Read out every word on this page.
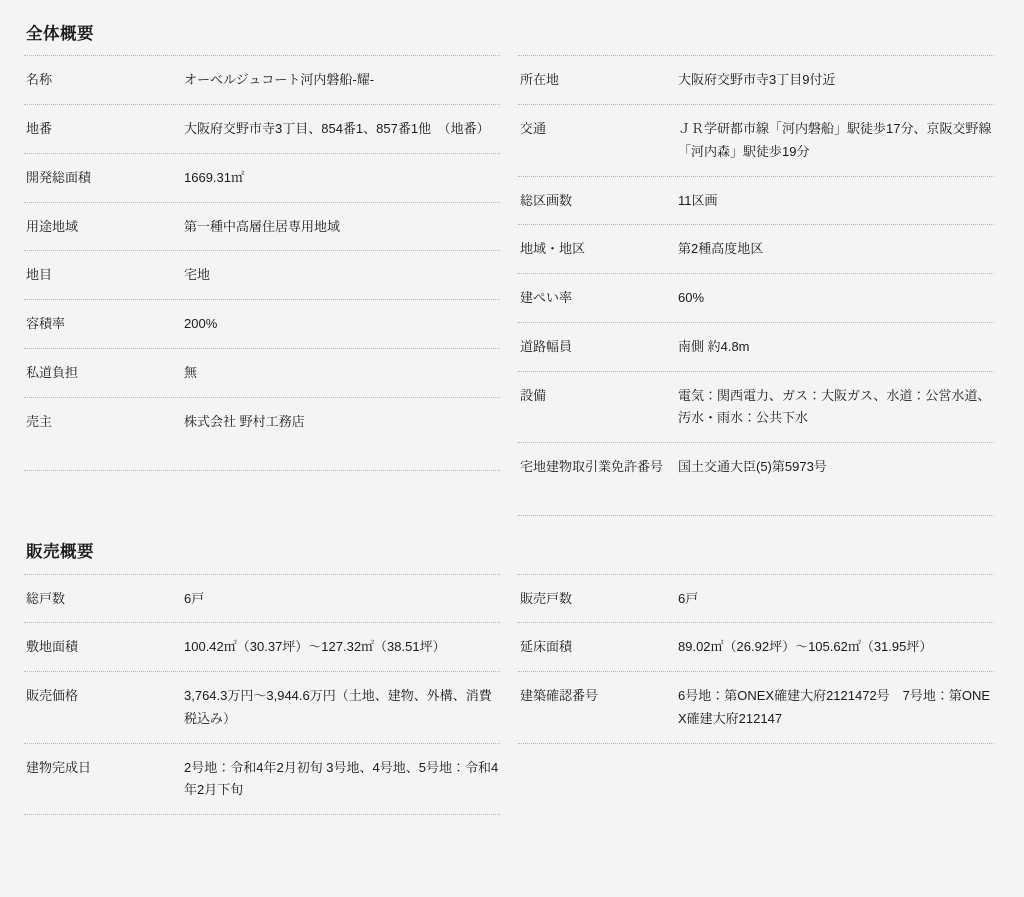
全体概要
名称	オーベルジュコート河内磐船-耀-
地番	大阪府交野市寺3丁目、854番1、857番1他　（地番）
開発総面積	1669.31㎡
用途地域	第一種中高層住居専用地域
地目	宅地
容積率	200%
私道負担	無
売主	株式会社 野村工務店
所在地	大阪府交野市寺3丁目9付近
交通	ＪＲ学研都市線「河内磐船」駅徒歩17分、京阪交野線「河内森」駅徒歩19分
総区画数	11区画
地域・地区	第2種高度地区
建ぺい率	60%
道路幅員	南側 約4.8m
設備	電気：関西電力、ガス：大阪ガス、水道：公営水道、汚水・雨水：公共下水
宅地建物取引業免許番号	国土交通大臣(5)第5973号
販売概要
総戸数	6戸
敷地面積	100.42㎡（30.37坪）〜127.32㎡（38.51坪）
販売価格	3,764.3万円〜3,944.6万円（土地、建物、外構、消費税込み）
建物完成日	2号地：令和4年2月初旬 3号地、4号地、5号地：令和4年2月下旬
販売戸数	6戸
延床面積	89.02㎡（26.92坪）〜105.62㎡（31.95坪）
建築確認番号	6号地：第ONEX確建大府2121472号　7号地：第ONEX確建大府212147
